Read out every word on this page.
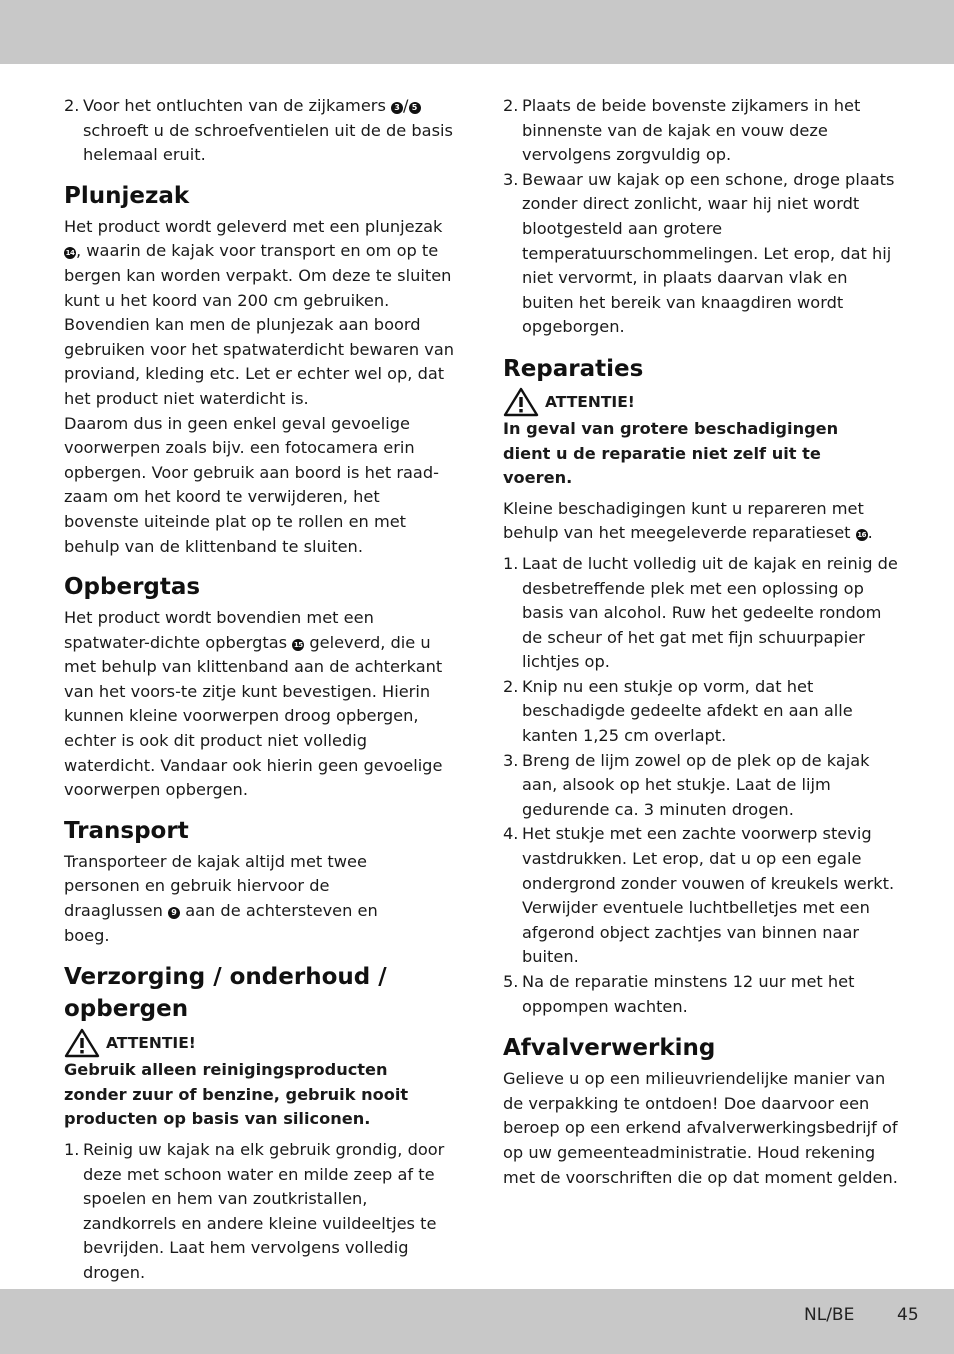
2. Voor het ontluchten van de zijkamers 3 / 5 schroeft u de schroefventielen uit de de basis helemaal eruit.
Plunjezak

Het product wordt geleverd met een plunjezak 14 , waarin de kajak voor transport en om op te bergen kan worden verpakt. Om deze te sluiten kunt u het koord van 200 cm gebruiken. Bovendien kan men de plunjezak aan boord gebruiken voor het spatwaterdicht bewaren van proviand, kleding etc. Let er echter wel op, dat het product niet waterdicht is.

Daarom dus in geen enkel geval gevoelige voorwerpen zoals bijv. een fotocamera erin opbergen. Voor gebruik aan boord is het raad-zaam om het koord te verwijderen, het bovenste uiteinde plat op te rollen en met behulp van de klittenband te sluiten.

Opbergtas

Het product wordt bovendien met een spatwater-dichte opbergtas 15 geleverd, die u met behulp van klittenband aan de achterkant van het voors-te zitje kunt bevestigen. Hierin kunnen kleine voorwerpen droog opbergen, echter is ook dit product niet volledig waterdicht. Vandaar ook hierin geen gevoelige voorwerpen opbergen.

Transport

Transporteer de kajak altijd met twee personen en gebruik hiervoor de draaglussen 9 aan de achtersteven en boeg.

Verzorging / onderhoud / opbergen
ATTENTIE!

Gebruik alleen reinigingsproducten zonder zuur of benzine, gebruik nooit producten op basis van siliconen.

1. Reinig uw kajak na elk gebruik grondig, door deze met schoon water en milde zeep af te spoelen en hem van zoutkristallen, zandkorrels en andere kleine vuildeeltjes te bevrijden. Laat hem vervolgens volledig drogen.
2. Plaats de beide bovenste zijkamers in het binnenste van de kajak en vouw deze vervolgens zorgvuldig op.
3. Bewaar uw kajak op een schone, droge plaats zonder direct zonlicht, waar hij niet wordt blootgesteld aan grotere temperatuurschommelingen. Let erop, dat hij niet vervormt, in plaats daarvan vlak en buiten het bereik van knaagdiren wordt opgeborgen.
Reparaties
ATTENTIE!

In geval van grotere beschadigingen dient u de reparatie niet zelf uit te voeren.

Kleine beschadigingen kunt u repareren met behulp van het meegeleverde reparatieset 16 .

1. Laat de lucht volledig uit de kajak en reinig de desbetreffende plek met een oplossing op basis van alcohol. Ruw het gedeelte rondom de scheur of het gat met fijn schuurpapier lichtjes op.
2. Knip nu een stukje op vorm, dat het beschadigde gedeelte afdekt en aan alle kanten 1,25 cm overlapt.
3. Breng de lijm zowel op de plek op de kajak aan, alsook op het stukje. Laat de lijm gedurende ca. 3 minuten drogen.
4. Het stukje met een zachte voorwerp stevig vastdrukken. Let erop, dat u op een egale ondergrond zonder vouwen of kreukels werkt. Verwijder eventuele luchtbelletjes met een afgerond object zachtjes van binnen naar buiten.
5. Na de reparatie minstens 12 uur met het oppompen wachten.
Afvalverwerking

Gelieve u op een milieuvriendelijke manier van de verpakking te ontdoen! Doe daarvoor een beroep op een erkend afvalverwerkingsbedrijf of op uw gemeenteadministratie. Houd rekening met de voorschriften die op dat moment gelden.

NL/BE	45
